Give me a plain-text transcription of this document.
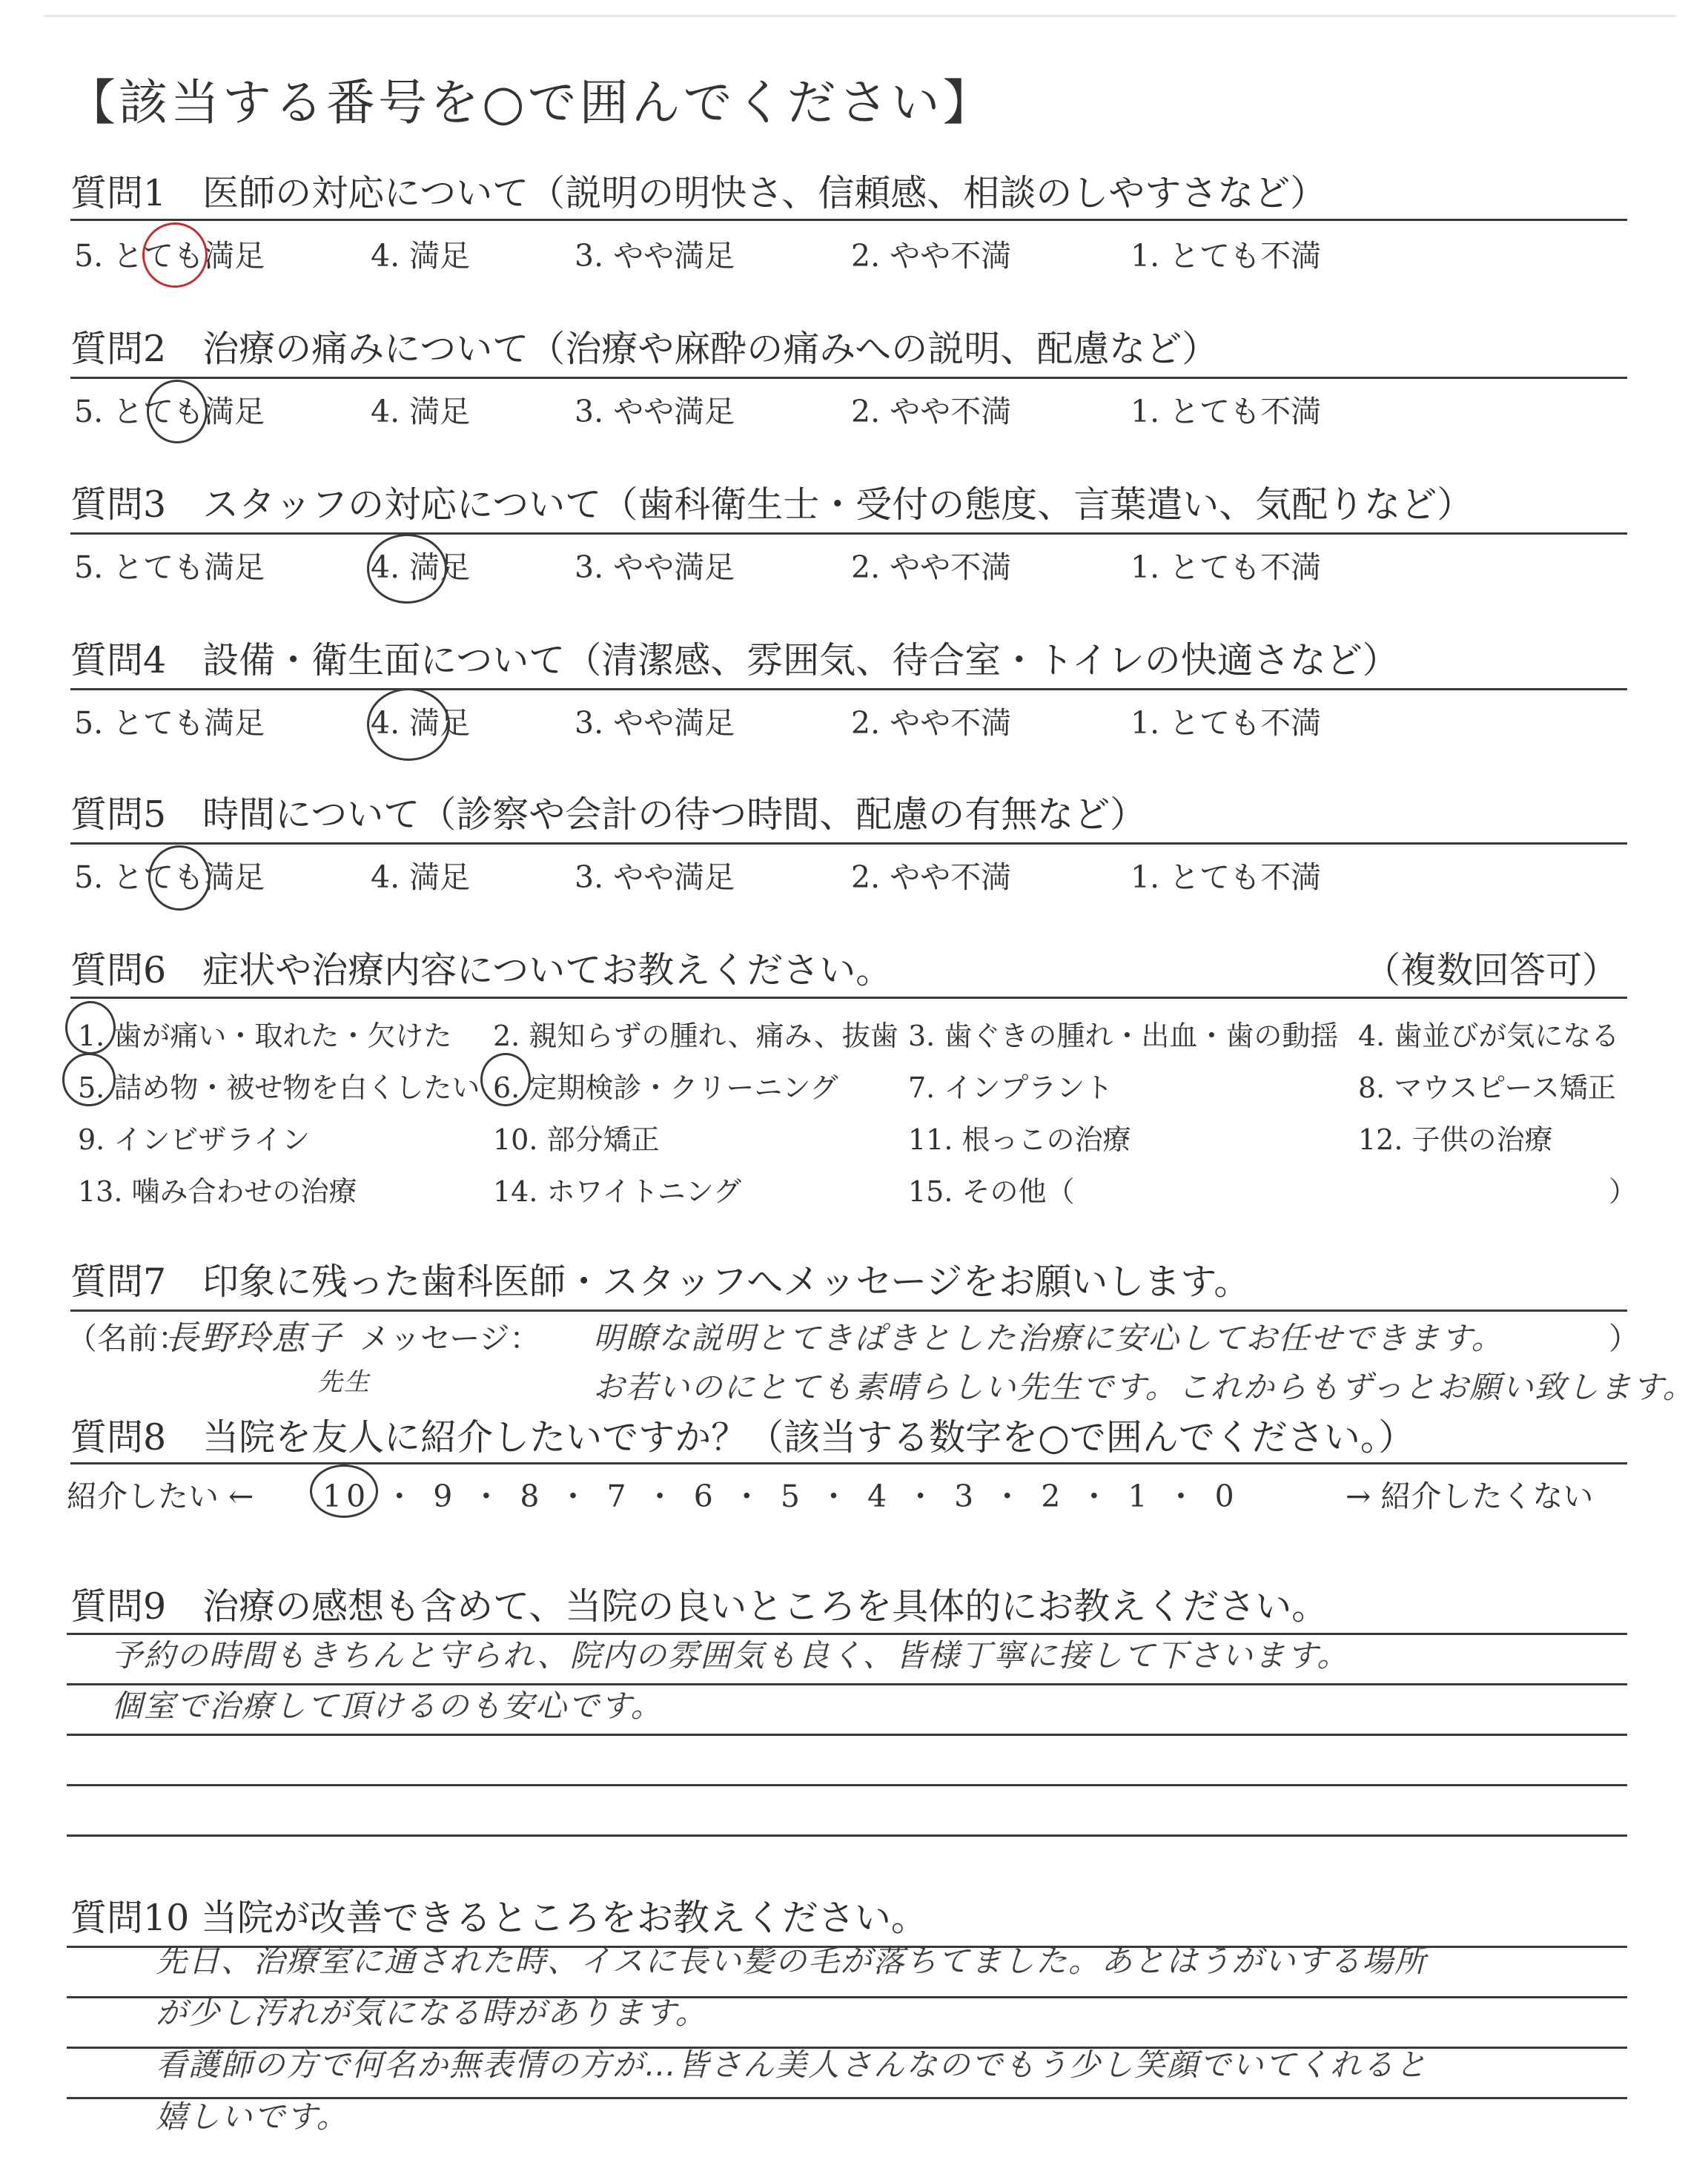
【該当する番号を○で囲んでください】
質問1　医師の対応について（説明の明快さ、信頼感、相談のしやすさなど）
5. とても満足	4. 満足	3. やや満足	2. やや不満	1. とても不満
質問2　治療の痛みについて（治療や麻酔の痛みへの説明、配慮など）
5. とても満足	4. 満足	3. やや満足	2. やや不満	1. とても不満
質問3　スタッフの対応について（歯科衛生士・受付の態度、言葉遣い、気配りなど）
5. とても満足	4. 満足	3. やや満足	2. やや不満	1. とても不満
質問4　設備・衛生面について（清潔感、雰囲気、待合室・トイレの快適さなど）
5. とても満足	4. 満足	3. やや満足	2. やや不満	1. とても不満
質問5　時間について（診察や会計の待つ時間、配慮の有無など）
5. とても満足	4. 満足	3. やや満足	2. やや不満	1. とても不満
質問6　症状や治療内容についてお教えください。	（複数回答可）
1. 歯が痛い・取れた・欠けた 2. 親知らずの腫れ、痛み、抜歯 3. 歯ぐきの腫れ・出血・歯の動揺 4. 歯並びが気になる
5. 詰め物・被せ物を白くしたい 6. 定期検診・クリーニング 7. インプラント	8. マウスピース矯正
9. インビザライン	10. 部分矯正	11. 根っこの治療	12. 子供の治療
13. 噛み合わせの治療	14. ホワイトニング	15. その他（	）
質問7　印象に残った歯科医師・スタッフへメッセージをお願いします。
（名前：
長野玲恵子
先生
メッセージ： 明瞭な説明とてきぱきとした治療に安心してお任せできます。
お若いのにとても素晴らしい先生です。これからもずっとお願い致します。
）
質問8　当院を友人に紹介したいですか？（該当する数字を○で囲んでください。）
紹介したい ← 10 ・ 9 ・ 8 ・ 7 ・ 6 ・ 5 ・ 4 ・ 3 ・ 2 ・ 1 ・ 0	→ 紹介したくない
質問9　治療の感想も含めて、当院の良いところを具体的にお教えください。
予約の時間もきちんと守られ、院内の雰囲気も良く、皆様丁寧に接して下さいます。
個室で治療して頂けるのも安心です。
質問10 当院が改善できるところをお教えください。
先日、治療室に通された時、イスに長い髪の毛が落ちてました。あとはうがいする場所
が少し汚れが気になる時があります。
看護師の方で何名か無表情の方が…皆さん美人さんなのでもう少し笑顔でいてくれると
嬉しいです。
